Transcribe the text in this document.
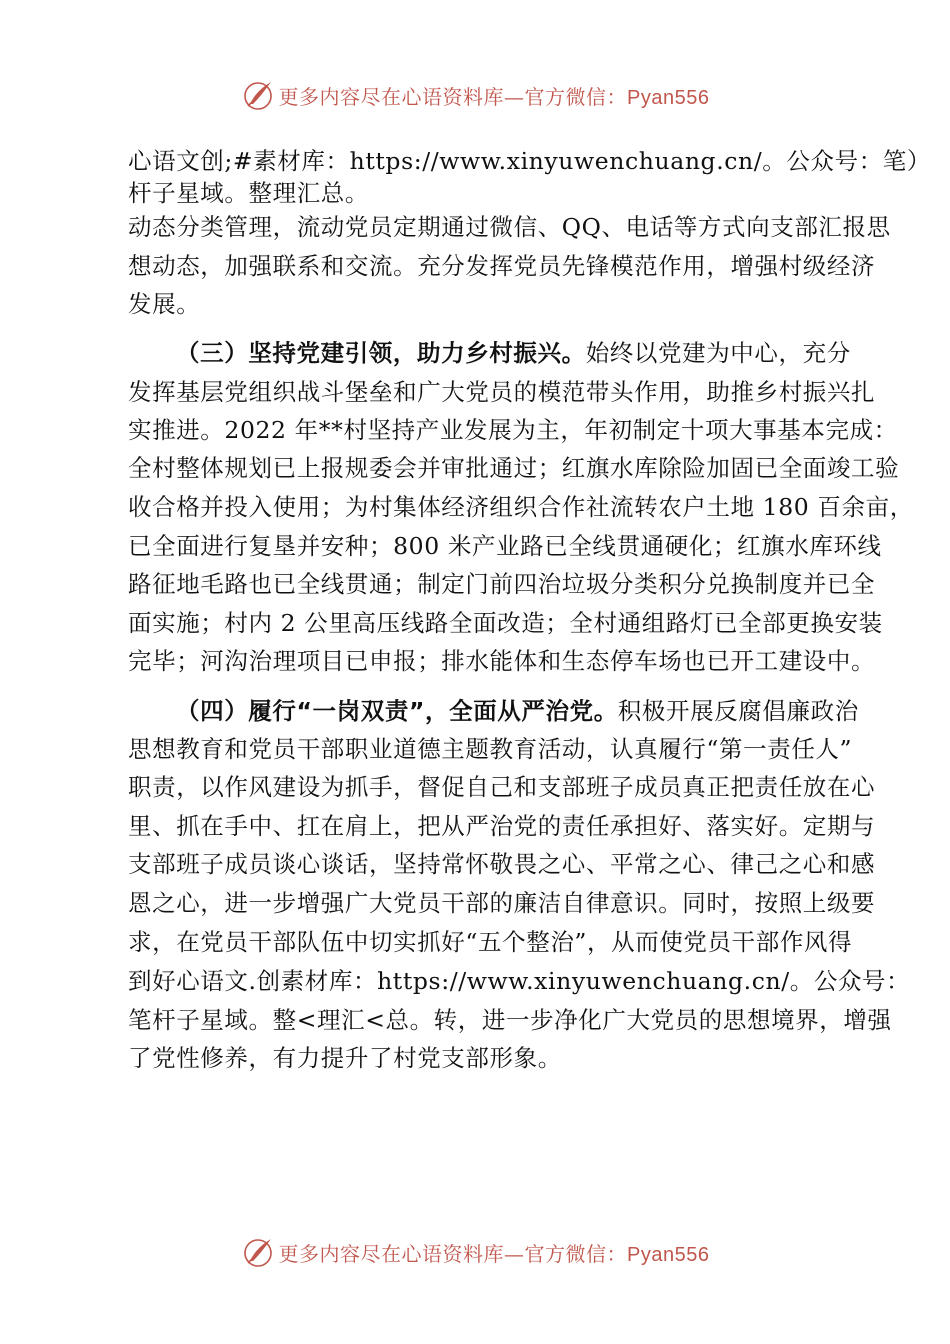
更多内容尽在心语资料库—官方微信：Pyan556
心语文创;#素材库：https://www.xinyuwenchuang.cn/。公众号：笔）
杆子星域。整理汇总。
动态分类管理，流动党员定期通过微信、QQ、电话等方式向支部汇报思
想动态，加强联系和交流。充分发挥党员先锋模范作用，增强村级经济
发展。
（三）坚持党建引领，助力乡村振兴。始终以党建为中心，充分
发挥基层党组织战斗堡垒和广大党员的模范带头作用，助推乡村振兴扎
实推进。2022 年**村坚持产业发展为主，年初制定十项大事基本完成：
全村整体规划已上报规委会并审批通过；红旗水库除险加固已全面竣工验
收合格并投入使用；为村集体经济组织合作社流转农户土地 180 百余亩，
已全面进行复垦并安种；800 米产业路已全线贯通硬化；红旗水库环线
路征地毛路也已全线贯通；制定门前四治垃圾分类积分兑换制度并已全
面实施；村内 2 公里高压线路全面改造；全村通组路灯已全部更换安装
完毕；河沟治理项目已申报；排水能体和生态停车场也已开工建设中。
（四）履行“一岗双责”，全面从严治党。积极开展反腐倡廉政治
思想教育和党员干部职业道德主题教育活动，认真履行“第一责任人”
职责，以作风建设为抓手，督促自己和支部班子成员真正把责任放在心
里、抓在手中、扛在肩上，把从严治党的责任承担好、落实好。定期与
支部班子成员谈心谈话，坚持常怀敬畏之心、平常之心、律己之心和感
恩之心，进一步增强广大党员干部的廉洁自律意识。同时，按照上级要
求，在党员干部队伍中切实抓好“五个整治”，从而使党员干部作风得
到好心语文.创素材库：https://www.xinyuwenchuang.cn/。公众号：
笔杆子星域。整<理汇<总。转，进一步净化广大党员的思想境界，增强
了党性修养，有力提升了村党支部形象。
更多内容尽在心语资料库—官方微信：Pyan556
